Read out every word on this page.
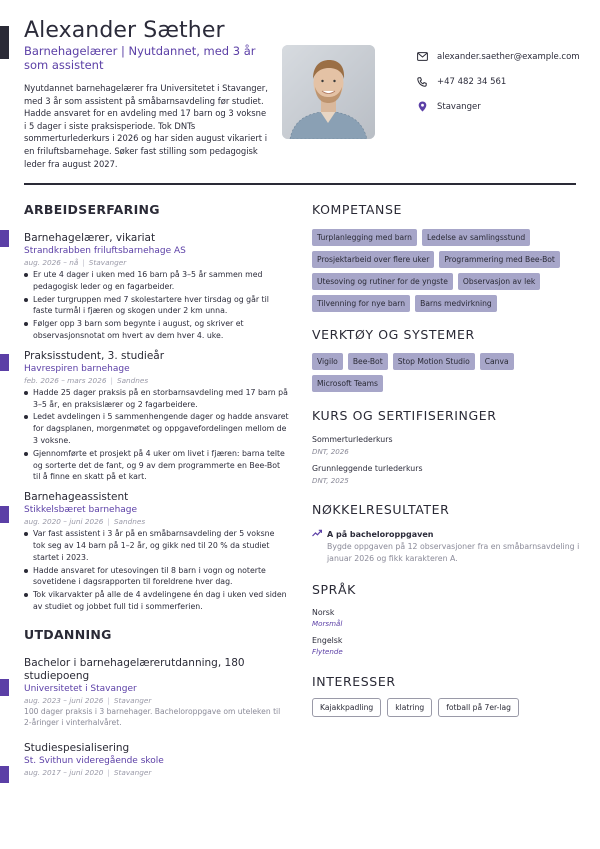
Alexander Sæther
Barnehagelærer | Nyutdannet, med 3 år som assistent
Nyutdannet barnehagelærer fra Universitetet i Stavanger, med 3 år som assistent på småbarnsavdeling før studiet. Hadde ansvaret for en avdeling med 17 barn og 3 voksne i 5 dager i siste praksisperiode. Tok DNTs sommerturlederkurs i 2026 og har siden august vikariert i en friluftsbarnehage. Søker fast stilling som pedagogisk leder fra august 2027.
alexander.saether@example.com
+47 482 34 561
Stavanger
ARBEIDSERFARING
Barnehagelærer, vikariat
Strandkrabben friluftsbarnehage AS
aug. 2026 – nå | Stavanger
Er ute 4 dager i uken med 16 barn på 3–5 år sammen med pedagogisk leder og en fagarbeider.
Leder turgruppen med 7 skolestartere hver tirsdag og går til faste turmål i fjæren og skogen under 2 km unna.
Følger opp 3 barn som begynte i august, og skriver et observasjonsnotat om hvert av dem hver 4. uke.
Praksisstudent, 3. studieår
Havrespiren barnehage
feb. 2026 – mars 2026 | Sandnes
Hadde 25 dager praksis på en storbarnsavdeling med 17 barn på 3–5 år, en praksislærer og 2 fagarbeidere.
Ledet avdelingen i 5 sammenhengende dager og hadde ansvaret for dagsplanen, morgenmøtet og oppgavefordelingen mellom de 3 voksne.
Gjennomførte et prosjekt på 4 uker om livet i fjæren: barna telte og sorterte det de fant, og 9 av dem programmerte en Bee-Bot til å finne en skatt på et kart.
Barnehageassistent
Stikkelsbæret barnehage
aug. 2020 – juni 2026 | Sandnes
Var fast assistent i 3 år på en småbarnsavdeling der 5 voksne tok seg av 14 barn på 1–2 år, og gikk ned til 20 % da studiet startet i 2023.
Hadde ansvaret for utesovingen til 8 barn i vogn og noterte sovetidene i dagsrapporten til foreldrene hver dag.
Tok vikarvakter på alle de 4 avdelingene én dag i uken ved siden av studiet og jobbet full tid i sommerferien.
UTDANNING
Bachelor i barnehagelærerutdanning, 180 studiepoeng
Universitetet i Stavanger
aug. 2023 – juni 2026 | Stavanger
100 dager praksis i 3 barnehager. Bacheloroppgave om uteleken til 2-åringer i vinterhalvåret.
Studiespesialisering
St. Svithun videregående skole
aug. 2017 – juni 2020 | Stavanger
KOMPETANSE
Turplanlegging med barn	Ledelse av samlingsstund
Prosjektarbeid over flere uker	Programmering med Bee-Bot
Utesoving og rutiner for de yngste	Observasjon av lek
Tilvenning for nye barn	Barns medvirkning
VERKTØY OG SYSTEMER
Vigilo	Bee-Bot	Stop Motion Studio	Canva
Microsoft Teams
KURS OG SERTIFISERINGER
Sommerturlederkurs
DNT, 2026
Grunnleggende turlederkurs
DNT, 2025
NØKKELRESULTATER
A på bacheloroppgaven
Bygde oppgaven på 12 observasjoner fra en småbarnsavdeling i januar 2026 og fikk karakteren A.
SPRÅK
Norsk
Morsmål
Engelsk
Flytende
INTERESSER
Kajakkpadling	klatring	fotball på 7er-lag
